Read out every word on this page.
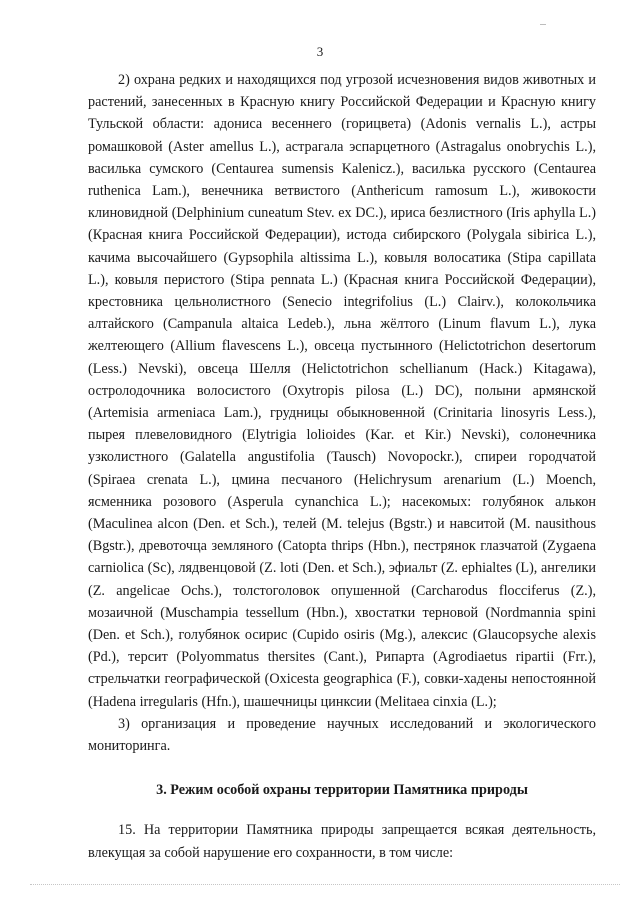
3

2) охрана редких и находящихся под угрозой исчезновения видов животных и растений, занесенных в Красную книгу Российской Федерации и Красную книгу Тульской области: адониса весеннего (горицвета) (Adonis vernalis L.), астры ромашковой (Aster amellus L.), астрагала эспарцетного (Astragalus onobrychis L.), василька сумского (Centaurea sumensis Kalenicz.), василька русского (Centaurea ruthenica Lam.), венечника ветвистого (Anthericum ramosum L.), живокости клиновидной (Delphinium cuneatum Stev. ex DC.), ириса безлистного (Iris aphylla L.) (Красная книга Российской Федерации), истода сибирского (Polygala sibirica L.), качима высочайшего (Gypsophila altissima L.), ковыля волосатика (Stipa capillata L.), ковыля перистого (Stipa pennata L.) (Красная книга Российской Федерации), крестовника цельнолистного (Senecio integrifolius (L.) Clairv.), колокольчика алтайского (Campanula altaica Ledeb.), льна жёлтого (Linum flavum L.), лука желтеющего (Allium flavescens L.), овсеца пустынного (Helictotrichon desertorum (Less.) Nevski), овсеца Шелля (Helictotrichon schellianum (Hack.) Kitagawa), остролодочника волосистого (Oxytropis pilosa (L.) DC), полыни армянской (Artemisia armeniaca Lam.), грудницы обыкновенной (Crinitaria linosyris Less.), пырея плевеловидного (Elytrigia lolioides (Kar. et Kir.) Nevski), солонечника узколистного (Galatella angustifolia (Tausch) Novopockr.), спиреи городчатой (Spiraea crenata L.), цмина песчаного (Helichrysum arenarium (L.) Moench, ясменника розового (Asperula cynanchica L.); насекомых: голубянок алькон (Maculinea alcon (Den. et Sch.), телей (M. telejus (Bgstr.) и навситой (M. nausithous (Bgstr.), древоточца земляного (Catopta thrips (Hbn.), пестрянок глазчатой (Zygaena carniolica (Sc), лядвенцовой (Z. loti (Den. et Sch.), эфиальт (Z. ephialtes (L), ангелики (Z. angelicae Ochs.), толстоголовок опушенной (Carcharodus flocciferus (Z.), мозаичной (Muschampia tessellum (Hbn.), хвостатки терновой (Nordmannia spini (Den. et Sch.), голубянок осирис (Cupido osiris (Mg.), алексис (Glaucopsyche alexis (Pd.), терсит (Polyommatus thersites (Cant.), Рипарта (Agrodiaetus ripartii (Frr.), стрельчатки географической (Oxicesta geographica (F.), совки-хадены непостоянной (Hadena irregularis (Hfn.), шашечницы цинксии (Melitaea cinxia (L.);

3) организация и проведение научных исследований и экологического мониторинга.

3. Режим особой охраны территории Памятника природы

15. На территории Памятника природы запрещается всякая деятельность, влекущая за собой нарушение его сохранности, в том числе:
